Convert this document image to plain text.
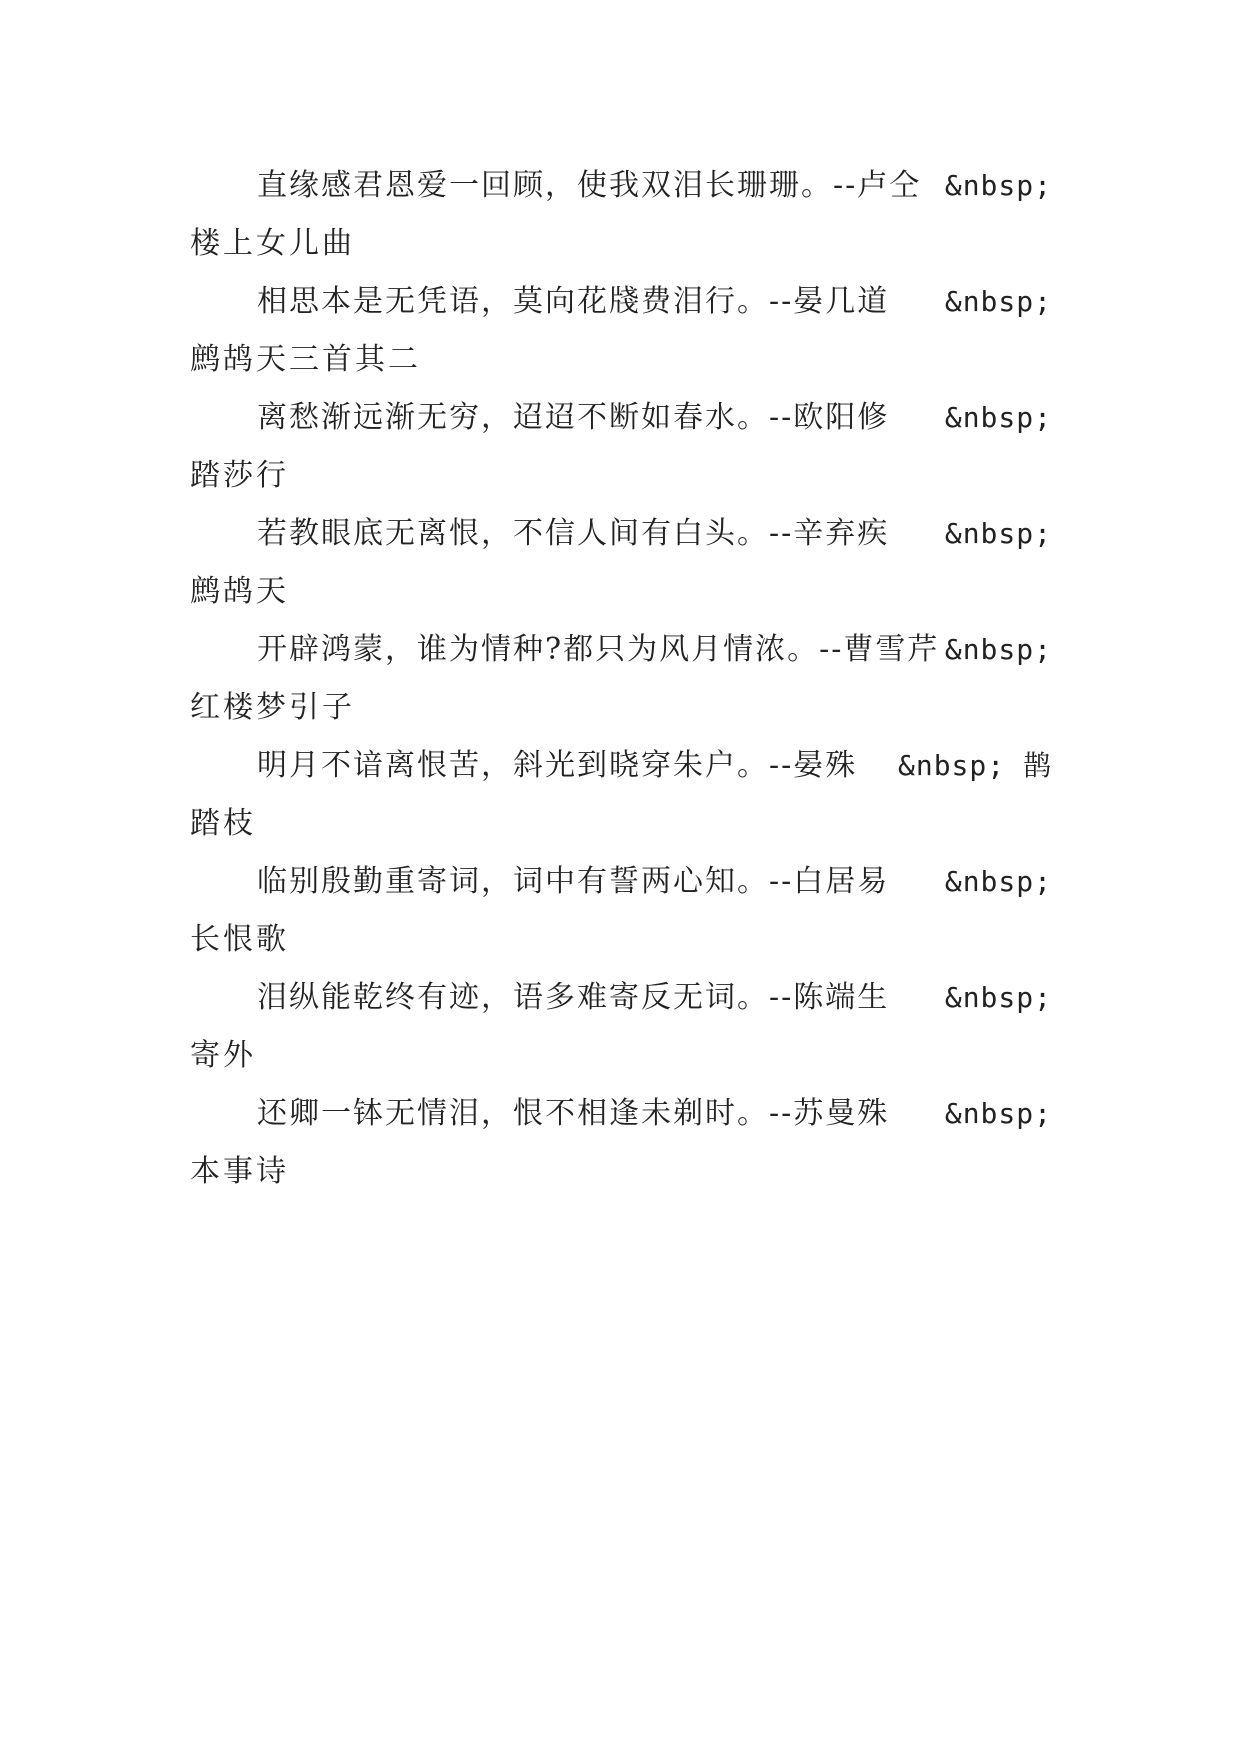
直缘感君恩爱一回顾，使我双泪长珊珊。--卢仝 &nbsp;
楼上女儿曲
相思本是无凭语，莫向花牋费泪行。--晏几道	&nbsp;
鹧鸪天三首其二
离愁渐远渐无穷，迢迢不断如春水。--欧阳修	&nbsp;
踏莎行
若教眼底无离恨，不信人间有白头。--辛弃疾	&nbsp;
鹧鸪天
开辟鸿蒙，谁为情种?都只为风月情浓。--曹雪芹 &nbsp;
红楼梦引子
明月不谙离恨苦，斜光到晓穿朱户。--晏殊	&nbsp; 鹊
踏枝
临别殷勤重寄词，词中有誓两心知。--白居易	&nbsp;
长恨歌
泪纵能乾终有迹，语多难寄反无词。--陈端生	&nbsp;
寄外
还卿一钵无情泪，恨不相逢未剃时。--苏曼殊	&nbsp;
本事诗
